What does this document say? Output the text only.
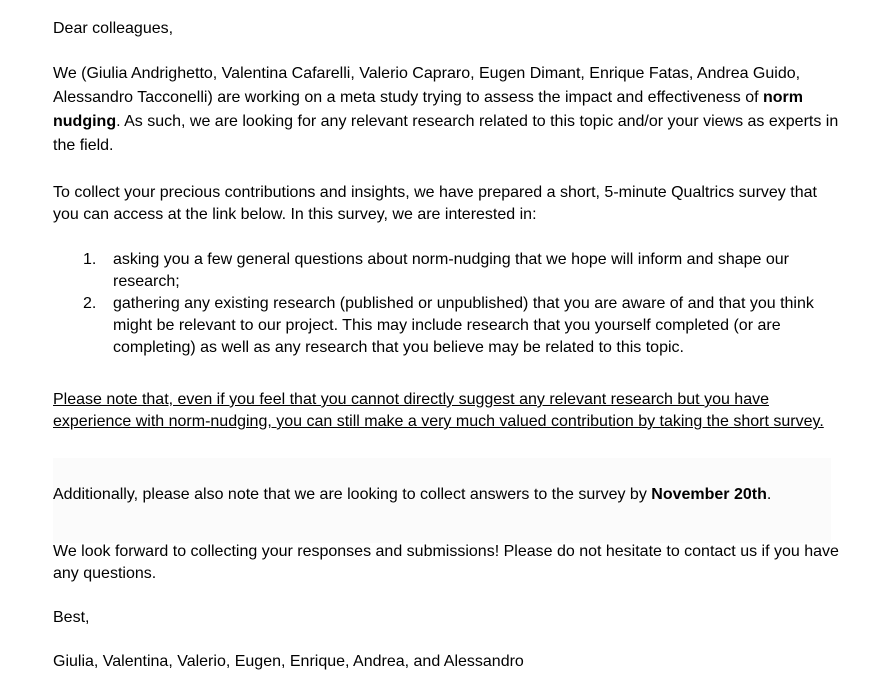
Dear colleagues,

We (Giulia Andrighetto, Valentina Cafarelli, Valerio Capraro, Eugen Dimant, Enrique Fatas, Andrea Guido, Alessandro Tacconelli) are working on a meta study trying to assess the impact and effectiveness of norm nudging. As such, we are looking for any relevant research related to this topic and/or your views as experts in the field.

To collect your precious contributions and insights, we have prepared a short, 5-minute Qualtrics survey that you can access at the link below. In this survey, we are interested in:

1. asking you a few general questions about norm-nudging that we hope will inform and shape our research;
2. gathering any existing research (published or unpublished) that you are aware of and that you think might be relevant to our project. This may include research that you yourself completed (or are completing) as well as any research that you believe may be related to this topic.

Please note that, even if you feel that you cannot directly suggest any relevant research but you have experience with norm-nudging, you can still make a very much valued contribution by taking the short survey.

Additionally, please also note that we are looking to collect answers to the survey by November 20th.

We look forward to collecting your responses and submissions! Please do not hesitate to contact us if you have any questions.

Best,

Giulia, Valentina, Valerio, Eugen, Enrique, Andrea, and Alessandro
